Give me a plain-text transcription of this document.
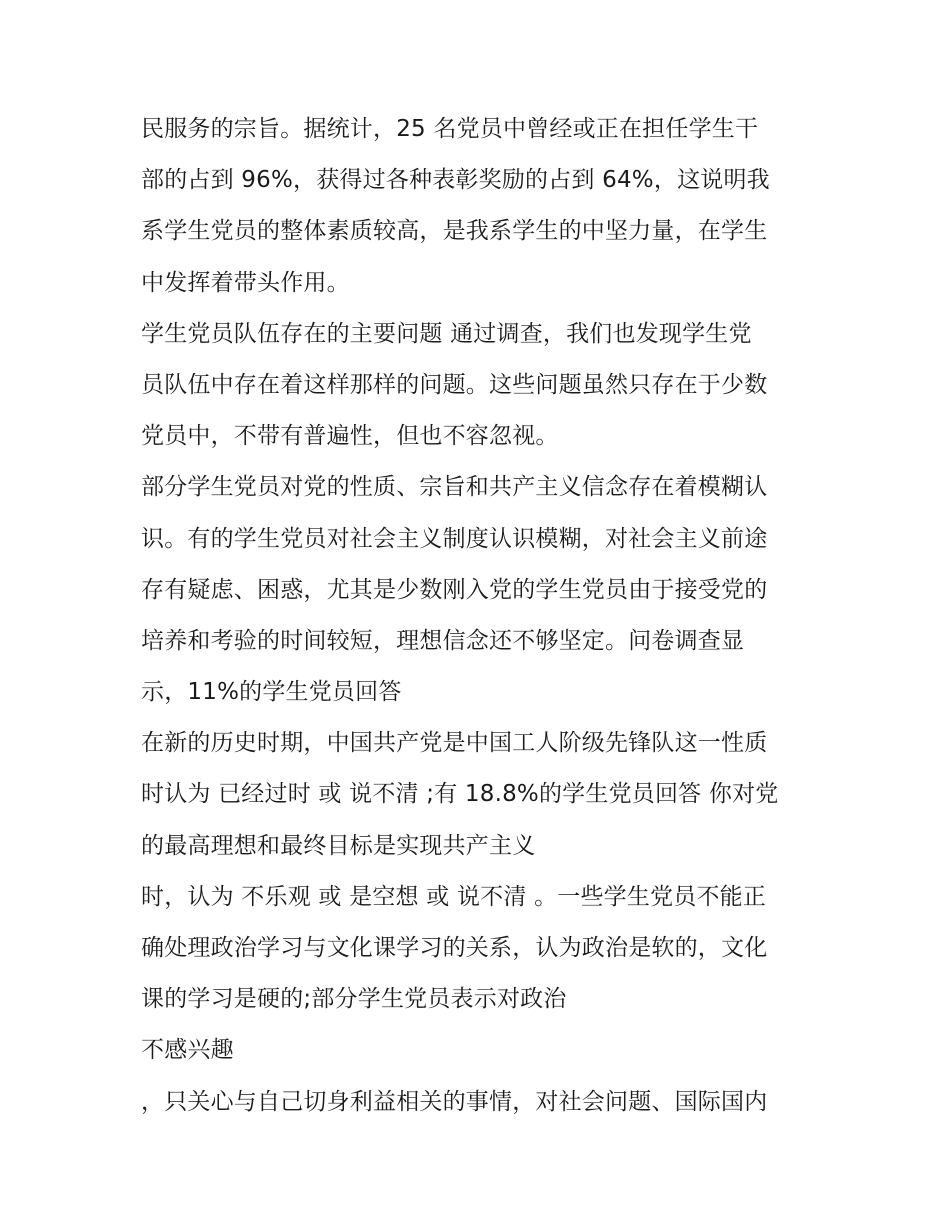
民服务的宗旨。据统计，25 名党员中曾经或正在担任学生干
部的占到 96%，获得过各种表彰奖励的占到 64%，这说明我
系学生党员的整体素质较高，是我系学生的中坚力量，在学生
中发挥着带头作用。
学生党员队伍存在的主要问题 通过调查，我们也发现学生党
员队伍中存在着这样那样的问题。这些问题虽然只存在于少数
党员中，不带有普遍性，但也不容忽视。
部分学生党员对党的性质、宗旨和共产主义信念存在着模糊认
识。有的学生党员对社会主义制度认识模糊，对社会主义前途
存有疑虑、困惑，尤其是少数刚入党的学生党员由于接受党的
培养和考验的时间较短，理想信念还不够坚定。问卷调查显
示，11%的学生党员回答
在新的历史时期，中国共产党是中国工人阶级先锋队这一性质
时认为 已经过时 或 说不清 ;有 18.8%的学生党员回答 你对党
的最高理想和最终目标是实现共产主义
时，认为 不乐观 或 是空想 或 说不清 。一些学生党员不能正
确处理政治学习与文化课学习的关系，认为政治是软的，文化
课的学习是硬的;部分学生党员表示对政治
不感兴趣
，只关心与自己切身利益相关的事情，对社会问题、国际国内
